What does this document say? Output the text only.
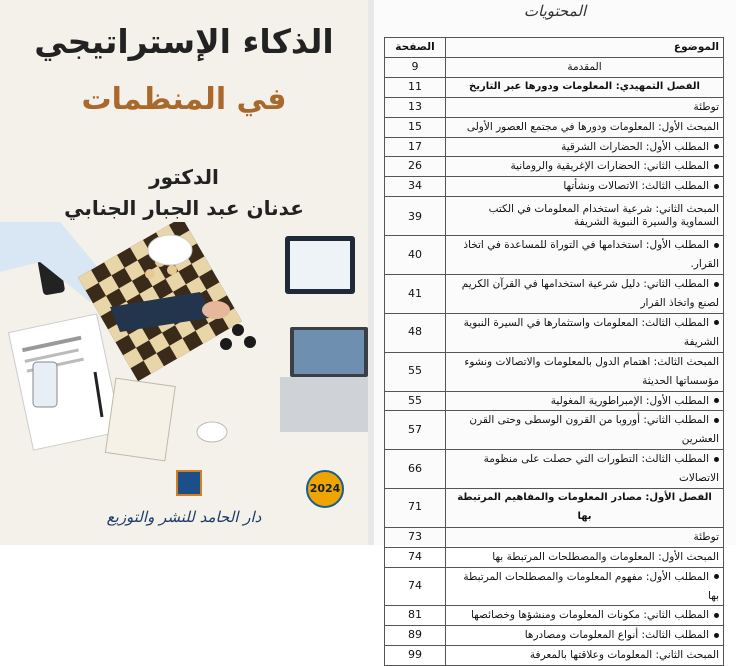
الذكاء الإستراتيجي
في المنظمات
الدكتور
عدنان عبد الجبار الجنابي
2024
دار الحامد للنشر والتوزيع
المحتويات
الموضوع	الصفحة
المقدمة	9
الفصل التمهيدي: المعلومات ودورها عبر التاريخ	11
توطئة	13
المبحث الأول: المعلومات ودورها في مجتمع العصور الأولى	15
المطلب الأول: الحضارات الشرقية	17
المطلب الثاني: الحضارات الإغريقية والرومانية	26
المطلب الثالث: الاتصالات ونشأتها	34
المبحث الثاني: شرعية استخدام المعلومات في الكتب السماوية والسيرة النبوية الشريفة	39
المطلب الأول: استخدامها في التوراة للمساعدة في اتخاذ القرار.	40
المطلب الثاني: دليل شرعية استخدامها في القرآن الكريم لصنع واتخاذ القرار	41
المطلب الثالث: المعلومات واستثمارها في السيرة النبوية الشريفة	48
المبحث الثالث: اهتمام الدول بالمعلومات والاتصالات ونشوء مؤسساتها الحديثة	55
المطلب الأول: الإمبراطورية المغولية	55
المطلب الثاني: أوروبا من القرون الوسطى وحتى القرن العشرين	57
المطلب الثالث: التطورات التي حصلت على منظومة الاتصالات	66
الفصل الأول: مصادر المعلومات والمفاهيم المرتبطة بها	71
توطئة	73
المبحث الأول: المعلومات والمصطلحات المرتبطة بها	74
المطلب الأول: مفهوم المعلومات والمصطلحات المرتبطة بها	74
المطلب الثاني: مكونات المعلومات ومنشؤها وخصائصها	81
المطلب الثالث: أنواع المعلومات ومصادرها	89
المبحث الثاني: المعلومات وعلاقتها بالمعرفة	99
